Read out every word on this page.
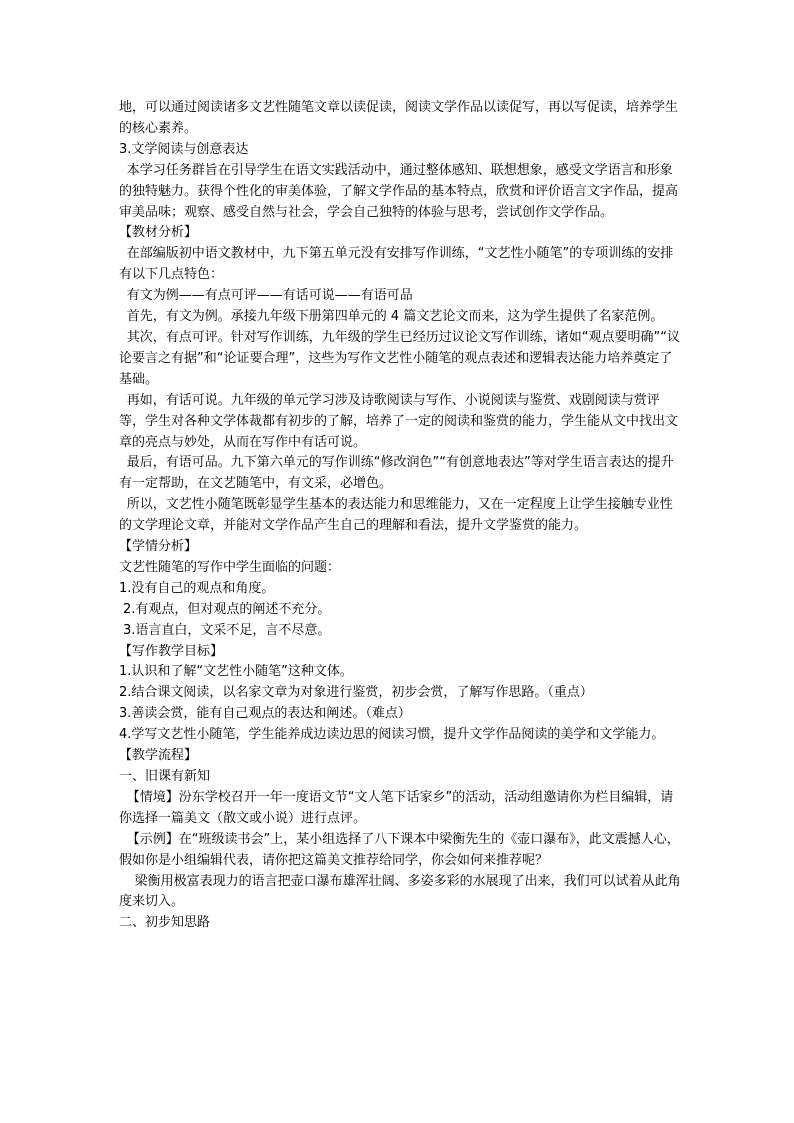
地，可以通过阅读诸多文艺性随笔文章以读促读，阅读文学作品以读促写，再以写促读，培养学生的核心素养。

3.文学阅读与创意表达

本学习任务群旨在引导学生在语文实践活动中，通过整体感知、联想想象，感受文学语言和形象的独特魅力。获得个性化的审美体验，了解文学作品的基本特点，欣赏和评价语言文字作品，提高审美品味；观察、感受自然与社会，学会自己独特的体验与思考，尝试创作文学作品。

【教材分析】

在部编版初中语文教材中，九下第五单元没有安排写作训练，“文艺性小随笔”的专项训练的安排有以下几点特色：

有文为例——有点可评——有话可说——有语可品

首先，有文为例。承接九年级下册第四单元的 4 篇文艺论文而来，这为学生提供了名家范例。

其次，有点可评。针对写作训练，九年级的学生已经历过议论文写作训练，诸如“观点要明确”“议论要言之有据”和“论证要合理”，这些为写作文艺性小随笔的观点表述和逻辑表达能力培养奠定了基础。

再如，有话可说。九年级的单元学习涉及诗歌阅读与写作、小说阅读与鉴赏、戏剧阅读与赏评等，学生对各种文学体裁都有初步的了解，培养了一定的阅读和鉴赏的能力，学生能从文中找出文章的亮点与妙处，从而在写作中有话可说。

最后，有语可品。九下第六单元的写作训练“修改润色”“有创意地表达”等对学生语言表达的提升有一定帮助，在文艺随笔中，有文采，必增色。

所以，文艺性小随笔既彰显学生基本的表达能力和思维能力，又在一定程度上让学生接触专业性的文学理论文章，并能对文学作品产生自己的理解和看法，提升文学鉴赏的能力。

【学情分析】

文艺性随笔的写作中学生面临的问题：

1.没有自己的观点和角度。

2.有观点，但对观点的阐述不充分。

3.语言直白，文采不足，言不尽意。

【写作教学目标】

1.认识和了解“文艺性小随笔”这种文体。

2.结合课文阅读，以名家文章为对象进行鉴赏，初步会赏，了解写作思路。（重点）

3.善读会赏，能有自己观点的表达和阐述。（难点）

4.学写文艺性小随笔，学生能养成边读边思的阅读习惯，提升文学作品阅读的美学和文学能力。

【教学流程】

一、旧课有新知

【情境】汾东学校召开一年一度语文节“文人笔下话家乡”的活动，活动组邀请你为栏目编辑，请你选择一篇美文（散文或小说）进行点评。

【示例】在“班级读书会”上，某小组选择了八下课本中梁衡先生的《壶口瀑布》，此文震撼人心，假如你是小组编辑代表，请你把这篇美文推荐给同学，你会如何来推荐呢？

梁衡用极富表现力的语言把壶口瀑布雄浑壮阔、多姿多彩的水展现了出来，我们可以试着从此角度来切入。

二、初步知思路
